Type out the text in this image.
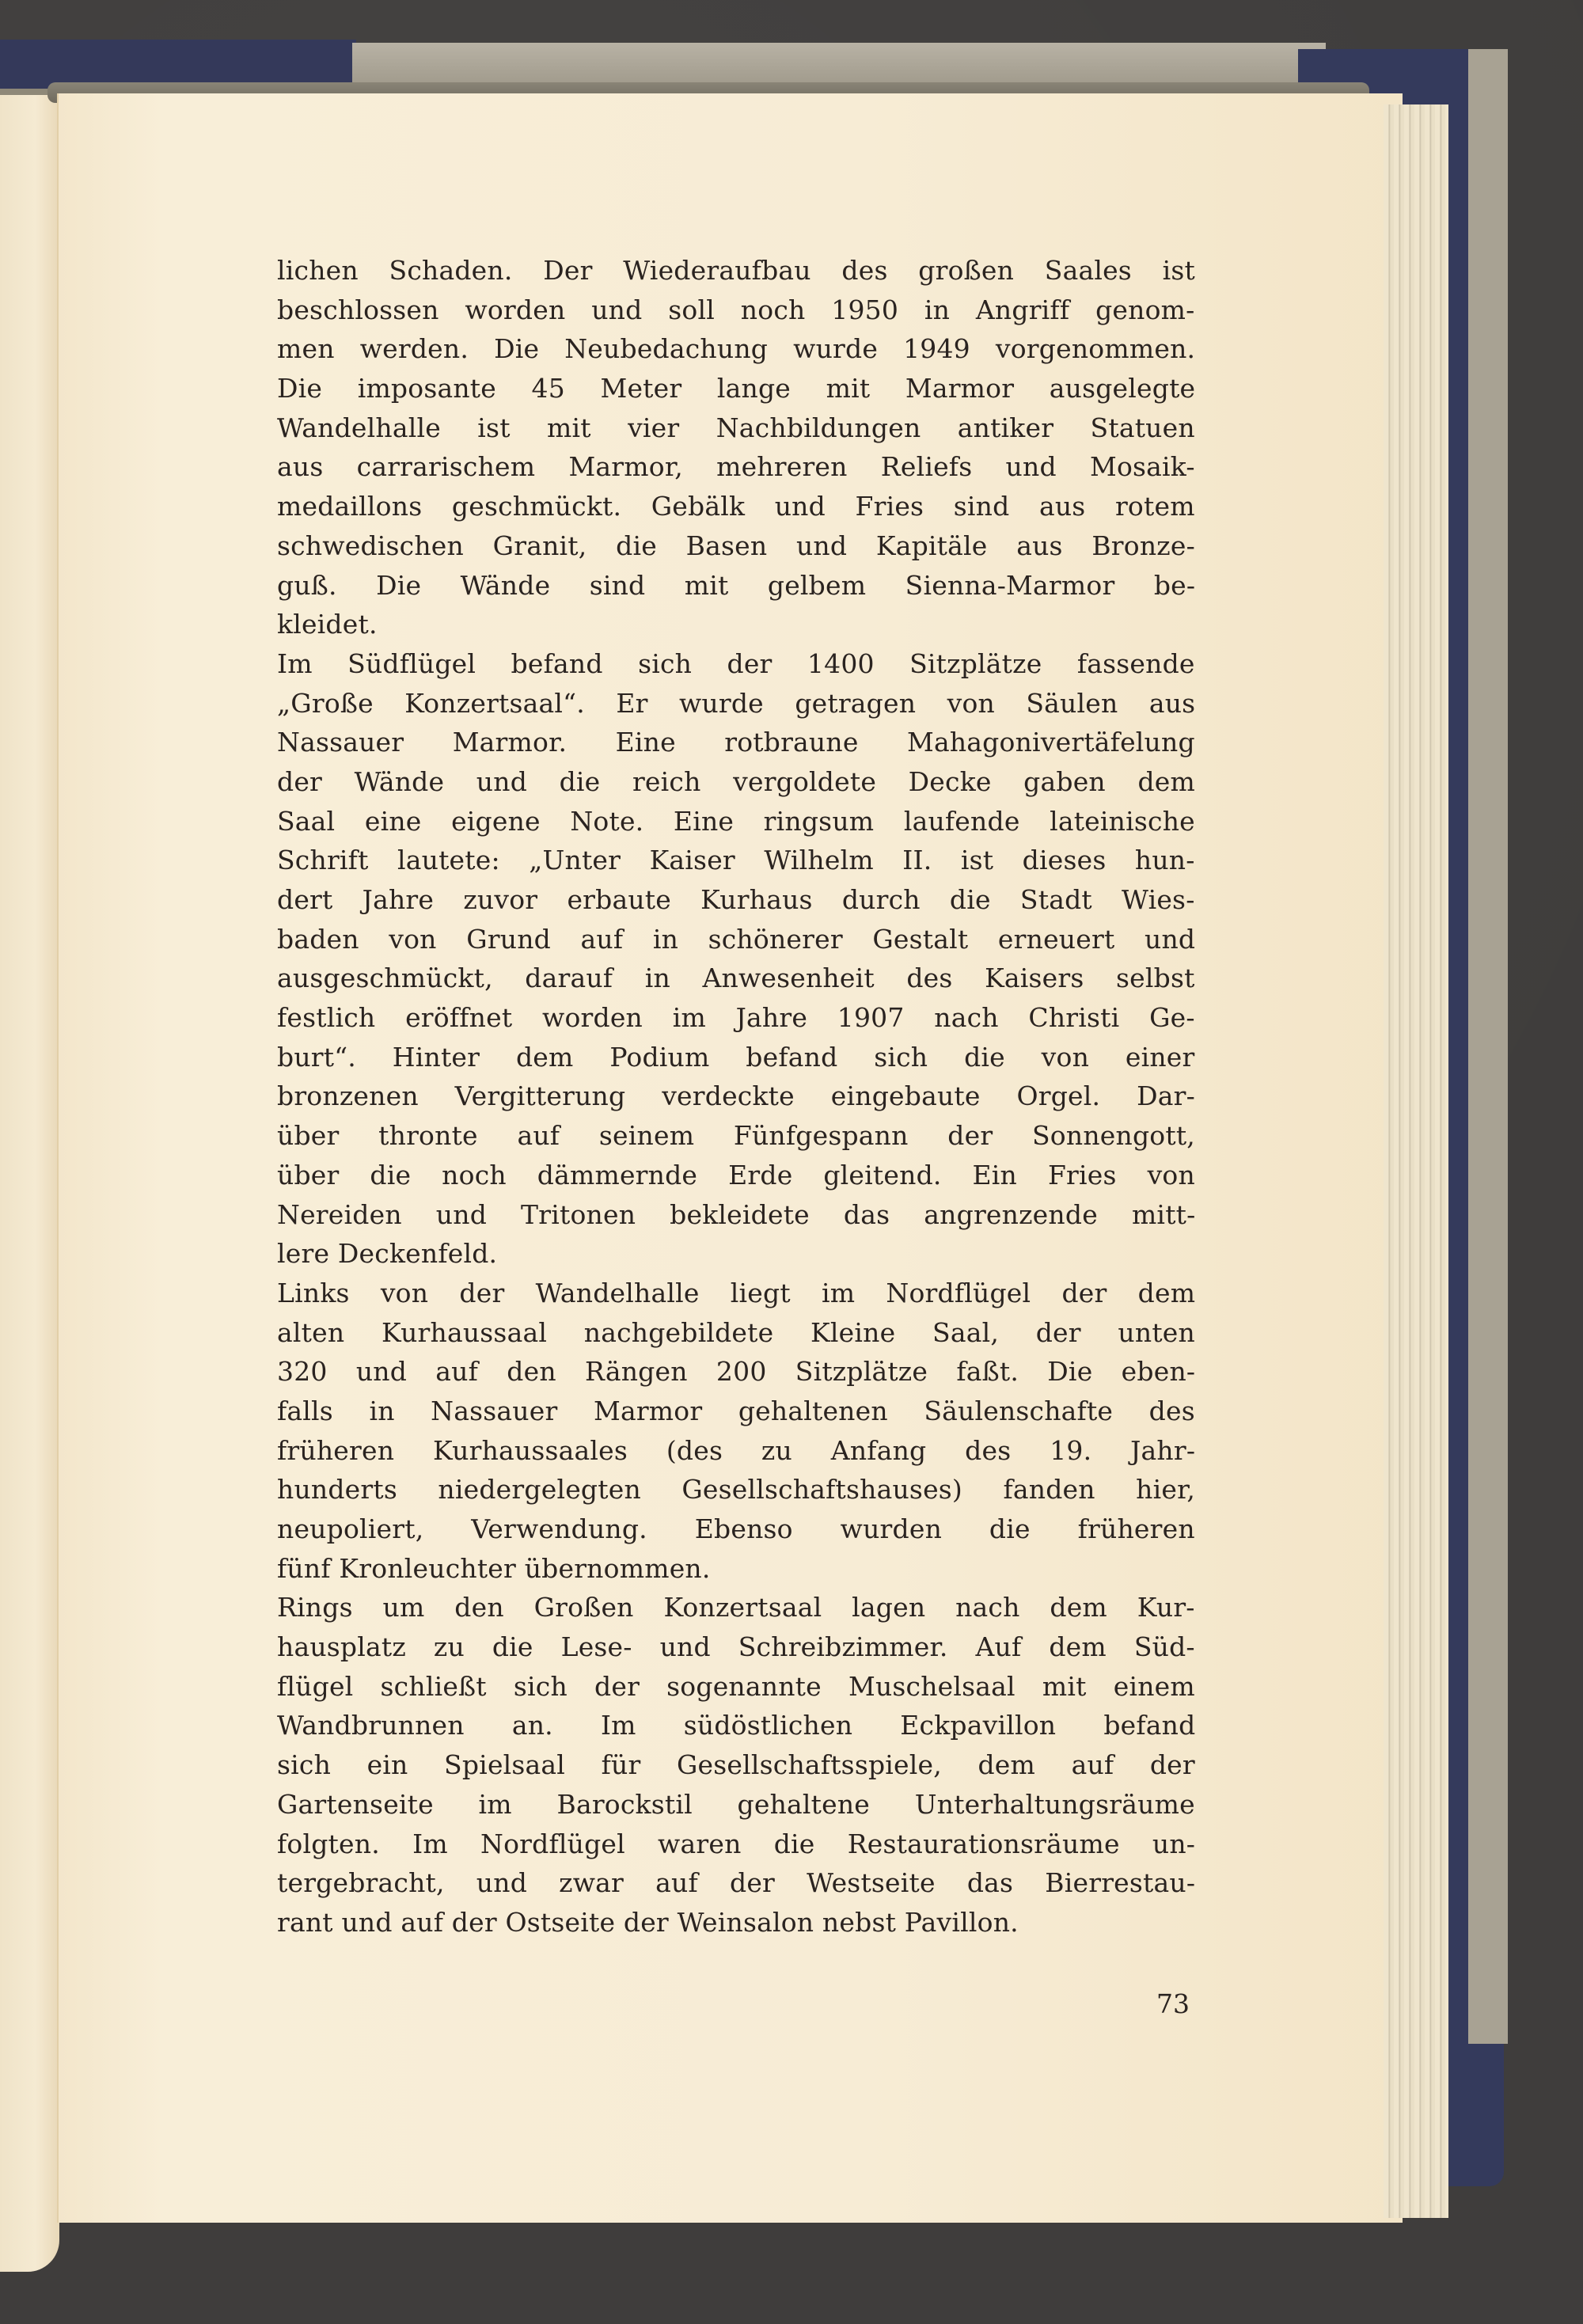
lichen Schaden. Der Wiederaufbau des großen Saales ist
beschlossen worden und soll noch 1950 in Angriff genom-
men werden. Die Neubedachung wurde 1949 vorgenommen.
Die imposante 45 Meter lange mit Marmor ausgelegte
Wandelhalle ist mit vier Nachbildungen antiker Statuen
aus carrarischem Marmor, mehreren Reliefs und Mosaik-
medaillons geschmückt. Gebälk und Fries sind aus rotem
schwedischen Granit, die Basen und Kapitäle aus Bronze-
guß. Die Wände sind mit gelbem Sienna-Marmor be-
kleidet.
Im Südflügel befand sich der 1400 Sitzplätze fassende
„Große Konzertsaal“. Er wurde getragen von Säulen aus
Nassauer Marmor. Eine rotbraune Mahagonivertäfelung
der Wände und die reich vergoldete Decke gaben dem
Saal eine eigene Note. Eine ringsum laufende lateinische
Schrift lautete: „Unter Kaiser Wilhelm II. ist dieses hun-
dert Jahre zuvor erbaute Kurhaus durch die Stadt Wies-
baden von Grund auf in schönerer Gestalt erneuert und
ausgeschmückt, darauf in Anwesenheit des Kaisers selbst
festlich eröffnet worden im Jahre 1907 nach Christi Ge-
burt“. Hinter dem Podium befand sich die von einer
bronzenen Vergitterung verdeckte eingebaute Orgel. Dar-
über thronte auf seinem Fünfgespann der Sonnengott,
über die noch dämmernde Erde gleitend. Ein Fries von
Nereiden und Tritonen bekleidete das angrenzende mitt-
lere Deckenfeld.
Links von der Wandelhalle liegt im Nordflügel der dem
alten Kurhaussaal nachgebildete Kleine Saal, der unten
320 und auf den Rängen 200 Sitzplätze faßt. Die eben-
falls in Nassauer Marmor gehaltenen Säulenschafte des
früheren Kurhaussaales (des zu Anfang des 19. Jahr-
hunderts niedergelegten Gesellschaftshauses) fanden hier,
neupoliert, Verwendung. Ebenso wurden die früheren
fünf Kronleuchter übernommen.
Rings um den Großen Konzertsaal lagen nach dem Kur-
hausplatz zu die Lese- und Schreibzimmer. Auf dem Süd-
flügel schließt sich der sogenannte Muschelsaal mit einem
Wandbrunnen an. Im südöstlichen Eckpavillon befand
sich ein Spielsaal für Gesellschaftsspiele, dem auf der
Gartenseite im Barockstil gehaltene Unterhaltungsräume
folgten. Im Nordflügel waren die Restaurationsräume un-
tergebracht, und zwar auf der Westseite das Bierrestau-
rant und auf der Ostseite der Weinsalon nebst Pavillon.
73
